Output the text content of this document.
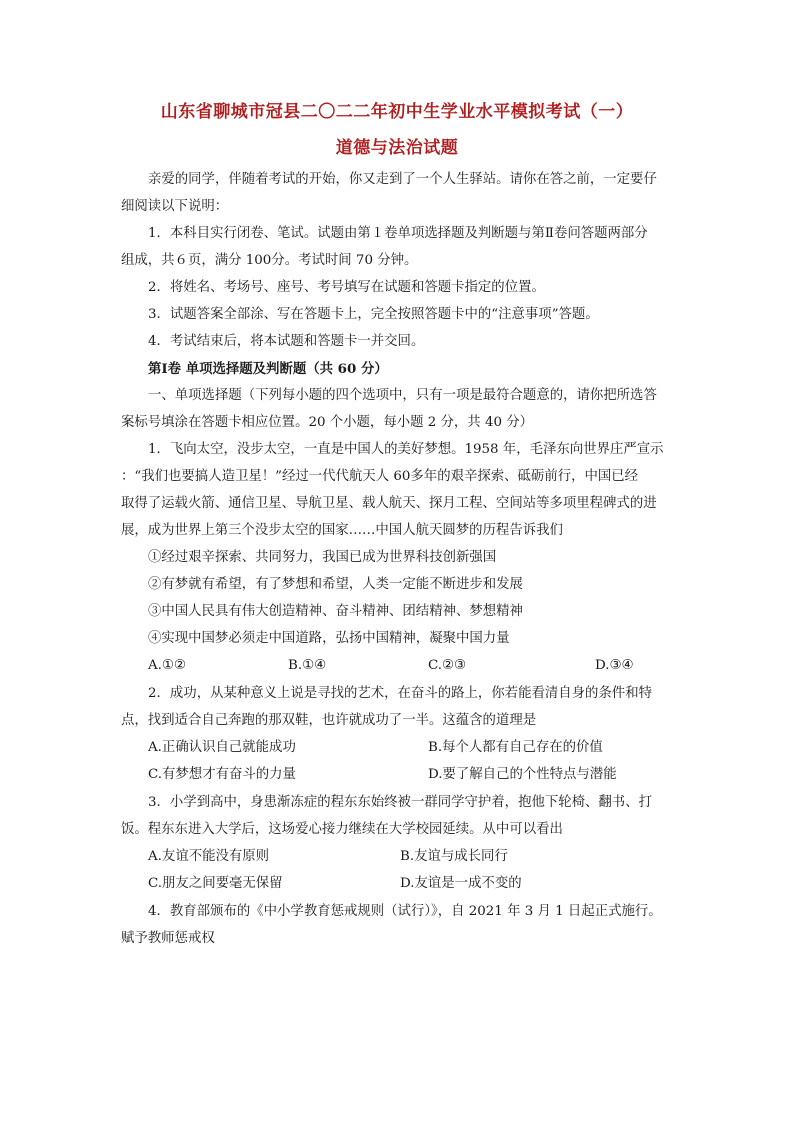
山东省聊城市冠县二〇二二年初中生学业水平模拟考试（一）
道德与法治试题
亲爱的同学，伴随着考试的开始，你又走到了一个人生驿站。请你在答之前，一定要仔
细阅读以下说明：
1．本科目实行闭卷、笔试。试题由第１卷单项选择题及判断题与第Ⅱ卷问答题两部分
组成，共６页，满分 100分。考试时间 70 分钟。
2．将姓名、考场号、座号、考号填写在试题和答题卡指定的位置。
3．试题答案全部涂、写在答题卡上，完全按照答题卡中的“注意事项”答题。
4．考试结束后，将本试题和答题卡一并交回。
第Ⅰ卷 单项选择题及判断题（共 60 分）
一、单项选择题（下列每小题的四个选项中，只有一项是最符合题意的，请你把所选答
案标号填涂在答题卡相应位置。20 个小题，每小题 2 分，共 40 分）
1．飞向太空，没步太空，一直是中国人的美好梦想。1958 年，毛泽东向世界庄严宣示
：“我们也要搞人造卫星！”经过一代代航天人 60多年的艰辛探索、砥砺前行，中国已经
取得了运载火箭、通信卫星、导航卫星、载人航天、探月工程、空间站等多项里程碑式的进
展，成为世界上第三个没步太空的国家……中国人航天圆梦的历程告诉我们
①经过艰辛探索、共同努力，我国已成为世界科技创新强国
②有梦就有希望，有了梦想和希望，人类一定能不断进步和发展
③中国人民具有伟大创造精神、奋斗精神、团结精神、梦想精神
④实现中国梦必须走中国道路，弘扬中国精神，凝聚中国力量
A.①②	B.①④	C.②③	D.③④
2．成功，从某种意义上说是寻找的艺术，在奋斗的路上，你若能看清自身的条件和特
点，找到适合自己奔跑的那双鞋，也许就成功了一半。这蕴含的道理是
A.正确认识自己就能成功	B.每个人都有自己存在的价值
C.有梦想才有奋斗的力量	D.要了解自己的个性特点与潜能
3．小学到高中，身患渐冻症的程东东始终被一群同学守护着，抱他下轮椅、翻书、打
饭。程东东进入大学后，这场爱心接力继续在大学校园延续。从中可以看出
A.友谊不能没有原则	B.友谊与成长同行
C.朋友之间要毫无保留	D.友谊是一成不变的
4．教育部颁布的《中小学教育惩戒规则（试行）》，自 2021 年 3 月 1 日起正式施行。
赋予教师惩戒权
